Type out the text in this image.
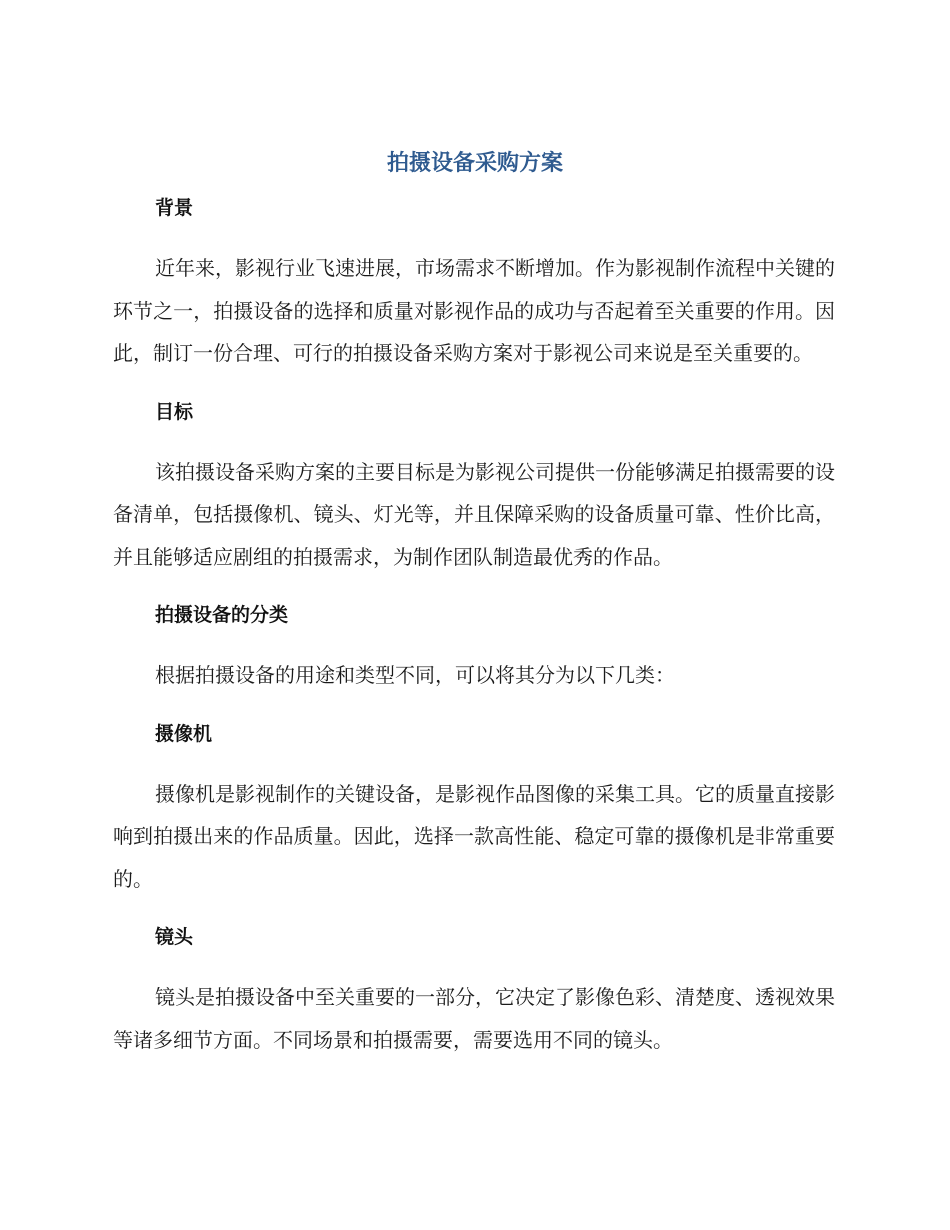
拍摄设备采购方案
背景

近年来，影视行业飞速进展，市场需求不断增加。作为影视制作流程中关键的环节之一，拍摄设备的选择和质量对影视作品的成功与否起着至关重要的作用。因此，制订一份合理、可行的拍摄设备采购方案对于影视公司来说是至关重要的。

目标

该拍摄设备采购方案的主要目标是为影视公司提供一份能够满足拍摄需要的设备清单，包括摄像机、镜头、灯光等，并且保障采购的设备质量可靠、性价比高，并且能够适应剧组的拍摄需求，为制作团队制造最优秀的作品。

拍摄设备的分类

根据拍摄设备的用途和类型不同，可以将其分为以下几类：

摄像机

摄像机是影视制作的关键设备，是影视作品图像的采集工具。它的质量直接影响到拍摄出来的作品质量。因此，选择一款高性能、稳定可靠的摄像机是非常重要的。

镜头

镜头是拍摄设备中至关重要的一部分，它决定了影像色彩、清楚度、透视效果等诸多细节方面。不同场景和拍摄需要，需要选用不同的镜头。
